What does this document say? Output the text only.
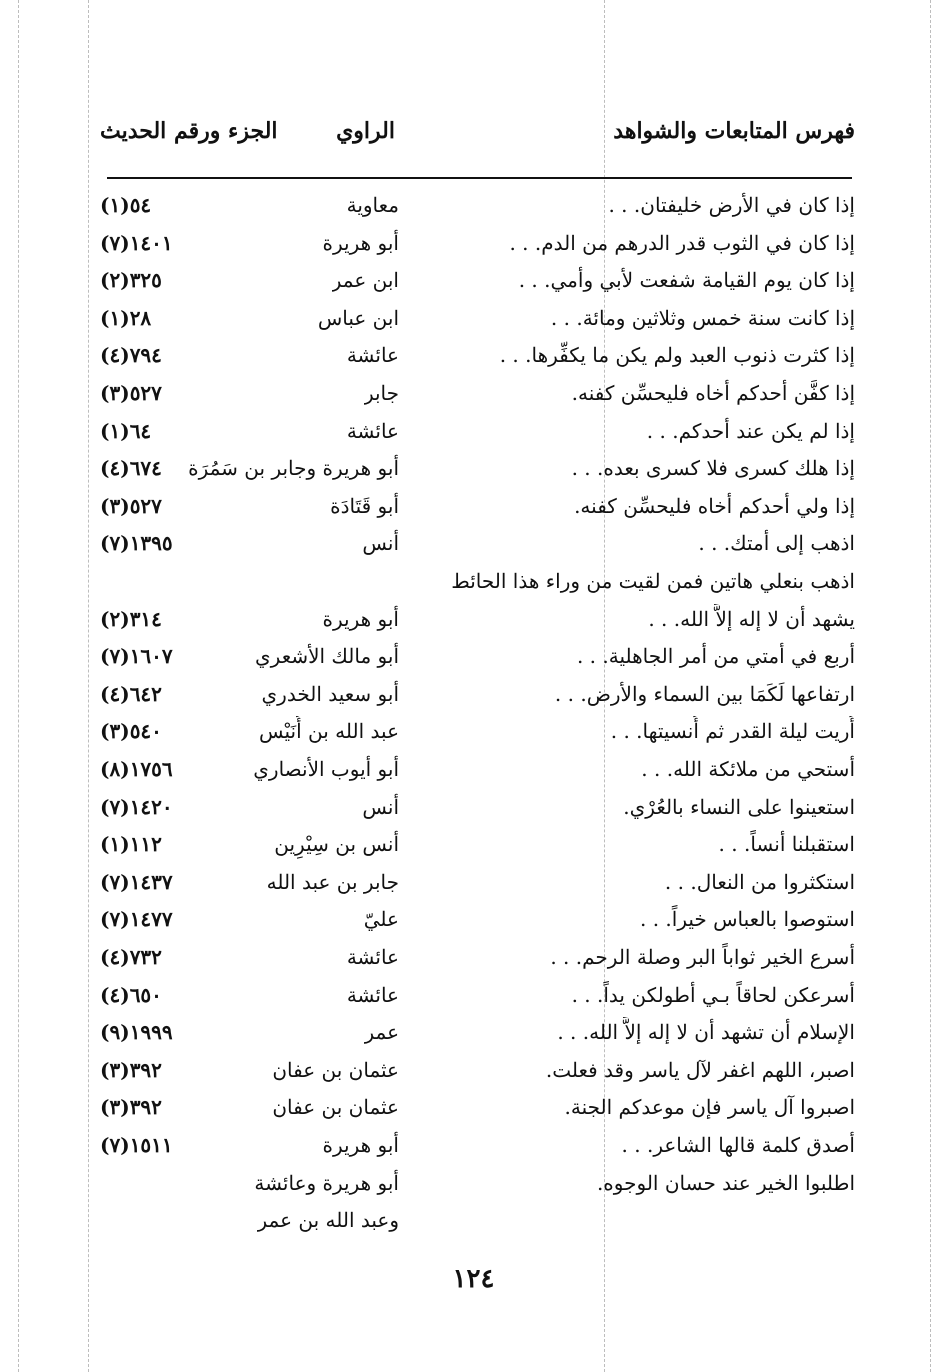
فهرس المتابعات والشواهد
الراوي
الجزء ورقم الحديث
إذا كان في الأرض خليفتان. . .
معاوية
٥٤(١)
إذا كان في الثوب قدر الدرهم من الدم. . .
أبو هريرة
١٤٠١(٧)
إذا كان يوم القيامة شفعت لأبي وأمي. . .
ابن عمر
٣٢٥(٢)
إذا كانت سنة خمس وثلاثين ومائة. . .
ابن عباس
٢٨(١)
إذا كثرت ذنوب العبد ولم يكن ما يكفِّرها. . .
عائشة
٧٩٤(٤)
إذا كفَّن أحدكم أخاه فليحسِّن كفنه.
جابر
٥٢٧(٣)
إذا لم يكن عند أحدكم. . .
عائشة
٦٤(١)
إذا هلك كسرى فلا كسرى بعده. . .
أبو هريرة وجابر بن سَمُرَة
٦٧٤(٤)
إذا ولي أحدكم أخاه فليحسِّن كفنه.
أبو قَتَادَة
٥٢٧(٣)
اذهب إلى أمتك. . .
أنس
١٣٩٥(٧)
اذهب بنعلي هاتين فمن لقيت من وراء هذا الحائط
يشهد أن لا إله إلاَّ الله. . .
أبو هريرة
٣١٤(٢)
أربع في أمتي من أمر الجاهلية. . .
أبو مالك الأشعري
١٦٠٧(٧)
ارتفاعها لَكَمَا بين السماء والأرض. . .
أبو سعيد الخدري
٦٤٢(٤)
أُريت ليلة القدر ثم أُنسيتها. . .
عبد الله بن أُنَيْس
٥٤٠(٣)
أستحي من ملائكة الله. . .
أبو أيوب الأنصاري
١٧٥٦(٨)
استعينوا على النساء بالعُرْي.
أنس
١٤٢٠(٧)
استقبلنا أنساً. . .
أنس بن سِيْرِين
١١٢(١)
استكثروا من النعال. . .
جابر بن عبد الله
١٤٣٧(٧)
استوصوا بالعباس خيراً. . .
عليّ
١٤٧٧(٧)
أسرع الخير ثواباً البر وصلة الرحم. . .
عائشة
٧٣٢(٤)
أسرعكن لحاقاً بـي أطولكن يداً. . .
عائشة
٦٥٠(٤)
الإسلام أن تشهد أن لا إله إلاَّ الله. . .
عمر
١٩٩٩(٩)
اصبر، اللهم اغفر لآل ياسر وقد فعلت.
عثمان بن عفان
٣٩٢(٣)
اصبروا آل ياسر فإن موعدكم الجنة.
عثمان بن عفان
٣٩٢(٣)
أصدق كلمة قالها الشاعر. . .
أبو هريرة
١٥١١(٧)
اطلبوا الخير عند حسان الوجوه.
أبو هريرة وعائشة
وعبد الله بن عمر
١٢٤
